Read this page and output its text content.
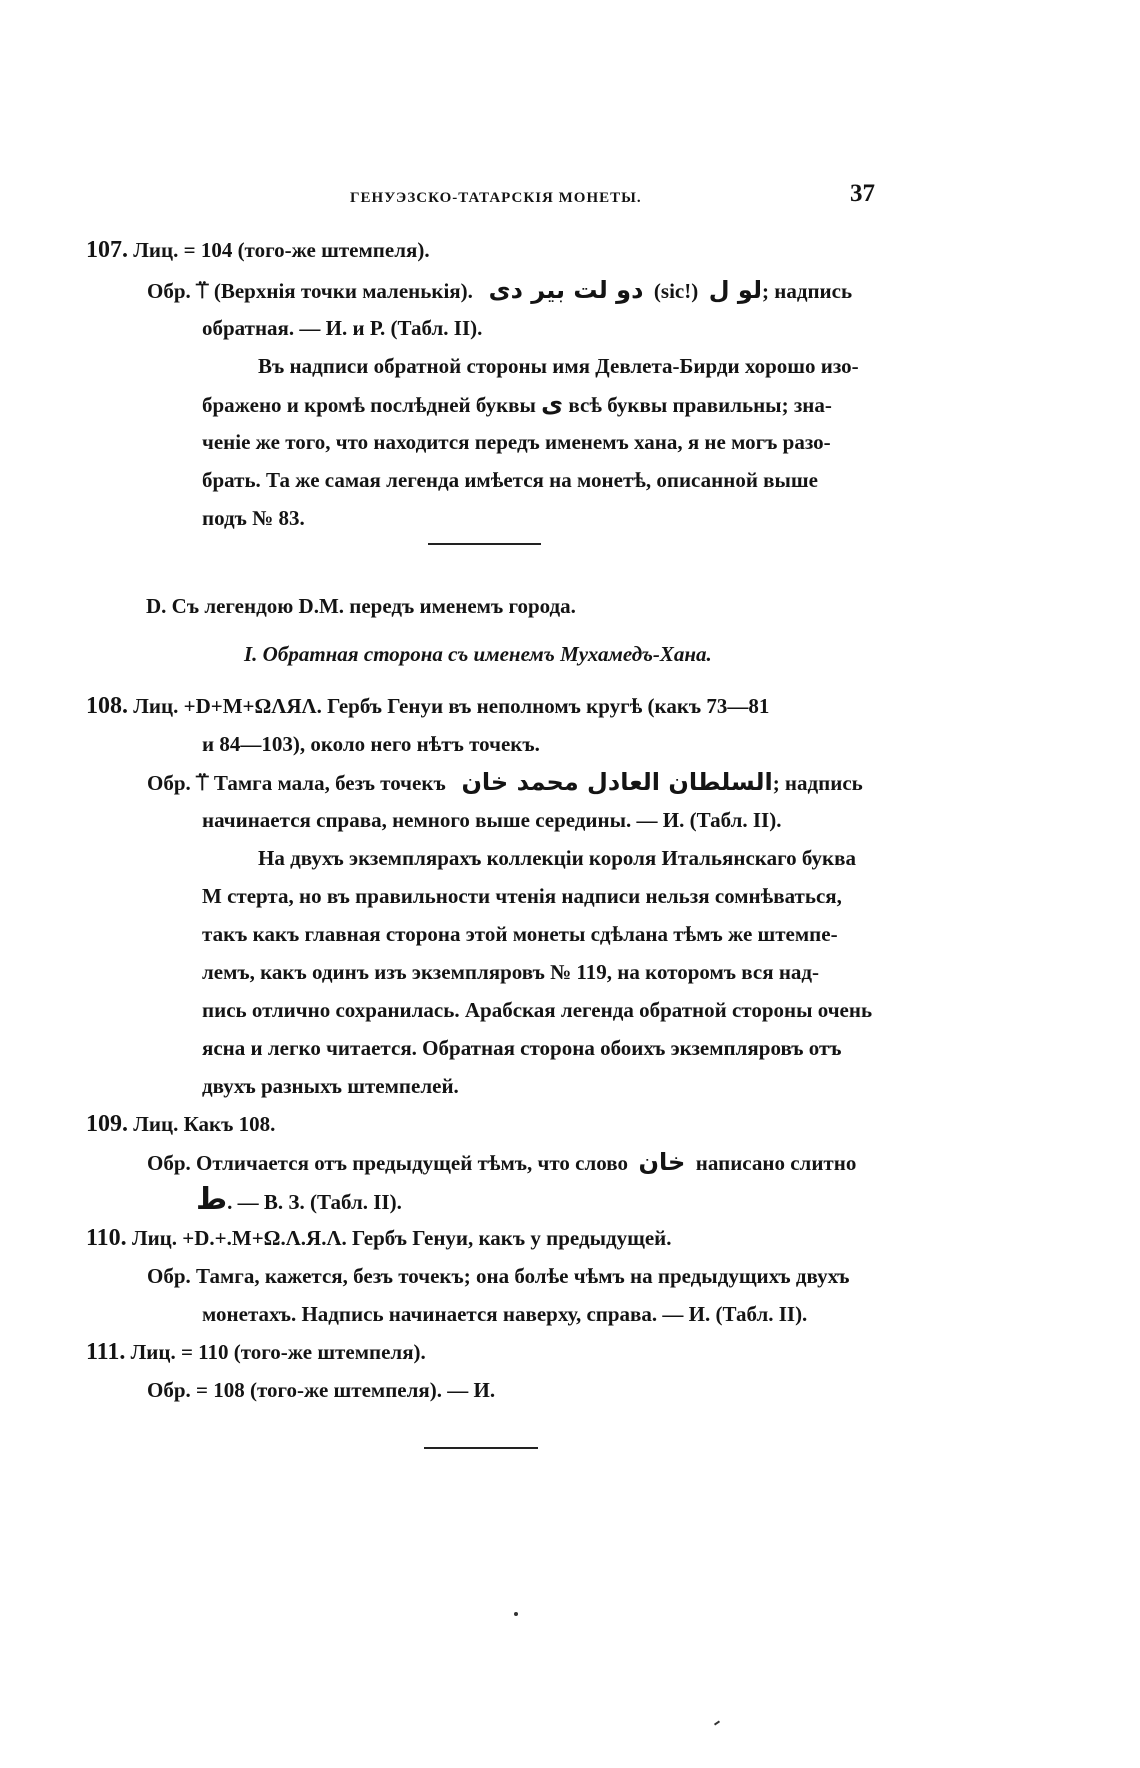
ГЕНУЭЗСКО-ТАТАРСКІЯ МОНЕТЫ.	37
107. Лиц. = 104 (того-же штемпеля).
Обр. ⍡ (Верхнія точки маленькія). دو لت بير دى (sic!) لو ل; надпись
обратная. — И. и Р. (Табл. II).
Въ надписи обратной стороны имя Девлета-Бирди хорошо изо-
бражено и кромѣ послѣдней буквы ى всѣ буквы правильны; зна-
ченіе же того, что находится передъ именемъ хана, я не могъ разо-
брать. Та же самая легенда имѣется на монетѣ, описанной выше
подъ № 83.
D. Съ легендою D.M. передъ именемъ города.
I. Обратная сторона съ именемъ Мухамедъ-Хана.
108. Лиц. +D+M+ΩΛЯΛ. Гербъ Генуи въ неполномъ кругѣ (какъ 73—81
и 84—103), около него нѣтъ точекъ.
Обр. ⍡ Тамга мала, безъ точекъ السلطان العادل محمد خان; надпись
начинается справа, немного выше середины. — И. (Табл. II).
На двухъ экземплярахъ коллекціи короля Итальянскаго буква
M стерта, но въ правильности чтенія надписи нельзя сомнѣваться,
такъ какъ главная сторона этой монеты сдѣлана тѣмъ же штемпе-
лемъ, какъ одинъ изъ экземпляровъ № 119, на которомъ вся над-
пись отлично сохранилась. Арабская легенда обратной стороны очень
ясна и легко читается. Обратная сторона обоихъ экземпляровъ отъ
двухъ разныхъ штемпелей.
109. Лиц. Какъ 108.
Обр. Отличается отъ предыдущей тѣмъ, что слово خان написано слитно
ط. — В. З. (Табл. II).
110. Лиц. +D.+.M+Ω.Λ.Я.Λ. Гербъ Генуи, какъ у предыдущей.
Обр. Тамга, кажется, безъ точекъ; она болѣе чѣмъ на предыдущихъ двухъ
монетахъ. Надпись начинается наверху, справа. — И. (Табл. II).
111. Лиц. = 110 (того-же штемпеля).
Обр. = 108 (того-же штемпеля). — И.
